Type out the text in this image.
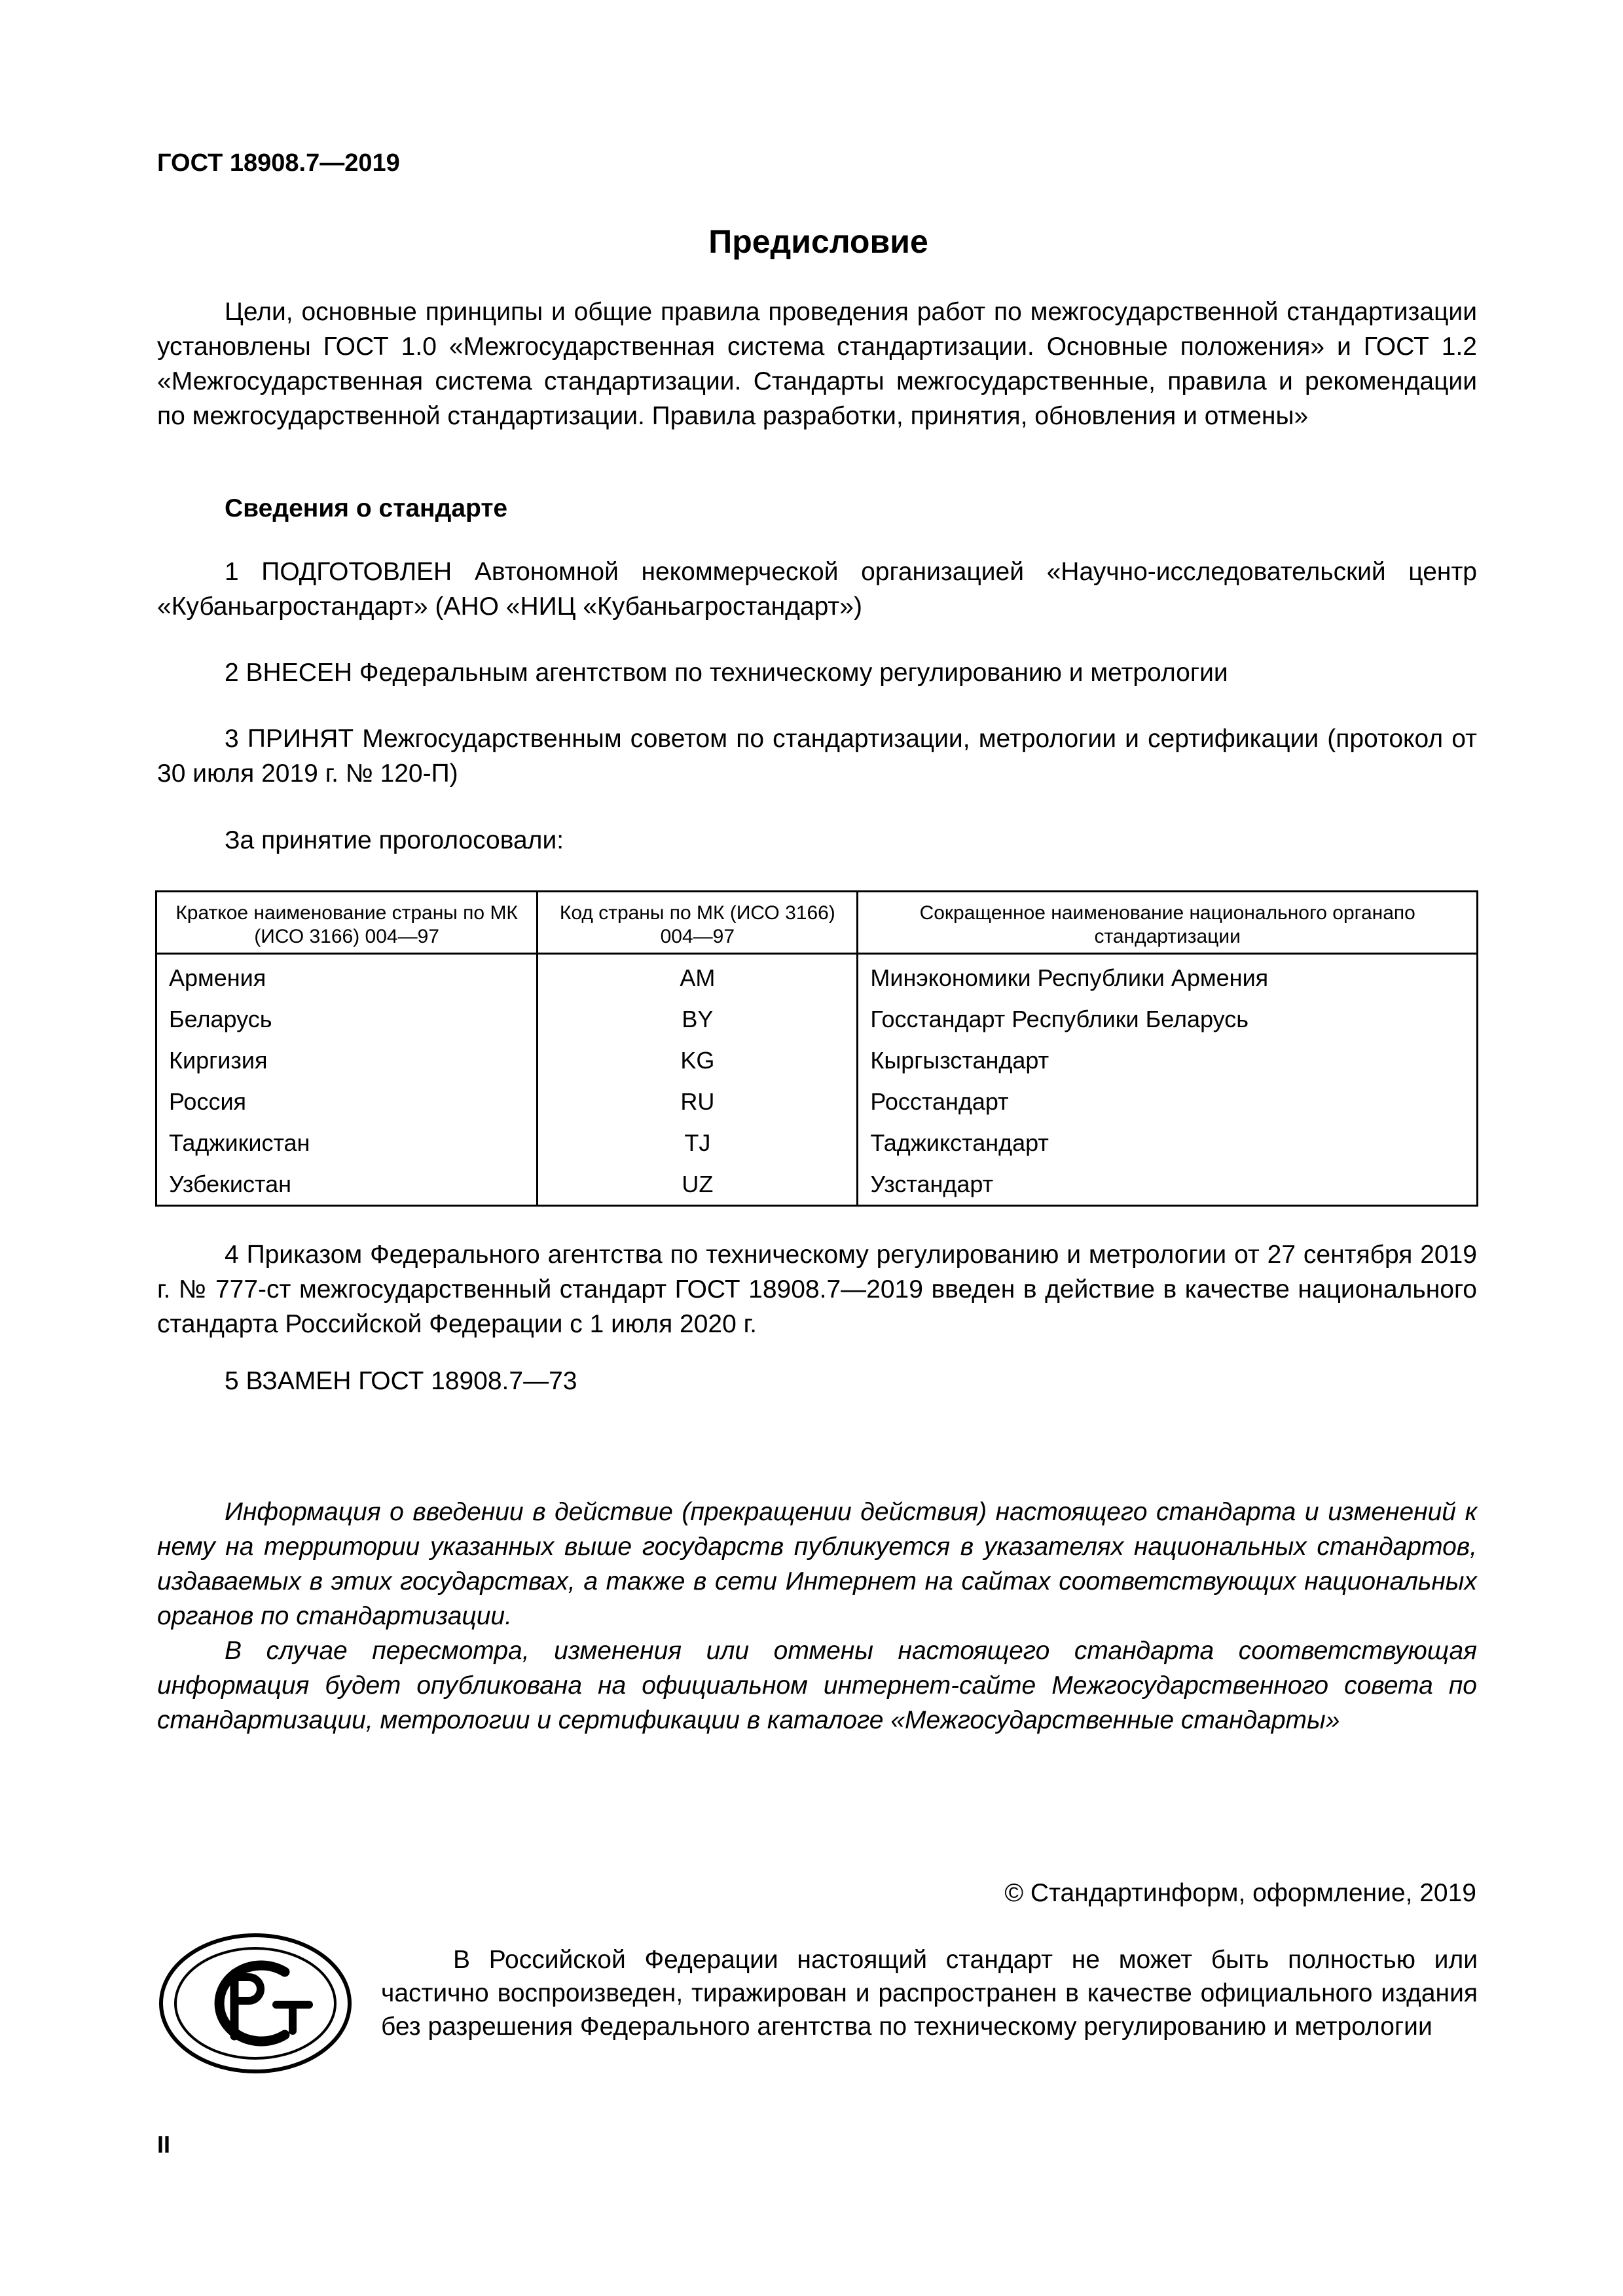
ГОСТ 18908.7—2019
Предисловие
Цели, основные принципы и общие правила проведения работ по межгосударственной стандартизации установлены ГОСТ 1.0 «Межгосударственная система стандартизации. Основные положения» и ГОСТ 1.2 «Межгосударственная система стандартизации. Стандарты межгосударственные, правила и рекомендации по межгосударственной стандартизации. Правила разработки, принятия, обновления и отмены»
Сведения о стандарте
1 ПОДГОТОВЛЕН Автономной некоммерческой организацией «Научно-исследовательский центр «Кубаньагростандарт» (АНО «НИЦ «Кубаньагростандарт»)
2 ВНЕСЕН Федеральным агентством по техническому регулированию и метрологии
3 ПРИНЯТ Межгосударственным советом по стандартизации, метрологии и сертификации (протокол от 30 июля 2019 г. № 120-П)
За принятие проголосовали:
Краткое наименование страны по МК (ИСО 3166) 004—97	Код страны по МК (ИСО 3166) 004—97	Сокращенное наименование национального органапо стандартизации
Армения	AM	Минэкономики Республики Армения
Беларусь	BY	Госстандарт Республики Беларусь
Киргизия	KG	Кыргызстандарт
Россия	RU	Росстандарт
Таджикистан	TJ	Таджикстандарт
Узбекистан	UZ	Узстандарт
4 Приказом Федерального агентства по техническому регулированию и метрологии от 27 сентября 2019 г. № 777-ст межгосударственный стандарт ГОСТ 18908.7—2019 введен в действие в качестве национального стандарта Российской Федерации с 1 июля 2020 г.
5 ВЗАМЕН ГОСТ 18908.7—73
Информация о введении в действие (прекращении действия) настоящего стандарта и изменений к нему на территории указанных выше государств публикуется в указателях национальных стандартов, издаваемых в этих государствах, а также в сети Интернет на сайтах соответствующих национальных органов по стандартизации.
В случае пересмотра, изменения или отмены настоящего стандарта соответствующая информация будет опубликована на официальном интернет-сайте Межгосударственного совета по стандартизации, метрологии и сертификации в каталоге «Межгосударственные стандарты»
© Стандартинформ, оформление, 2019
В Российской Федерации настоящий стандарт не может быть полностью или частично воспроизведен, тиражирован и распространен в качестве официального издания без разрешения Федерального агентства по техническому регулированию и метрологии
II
